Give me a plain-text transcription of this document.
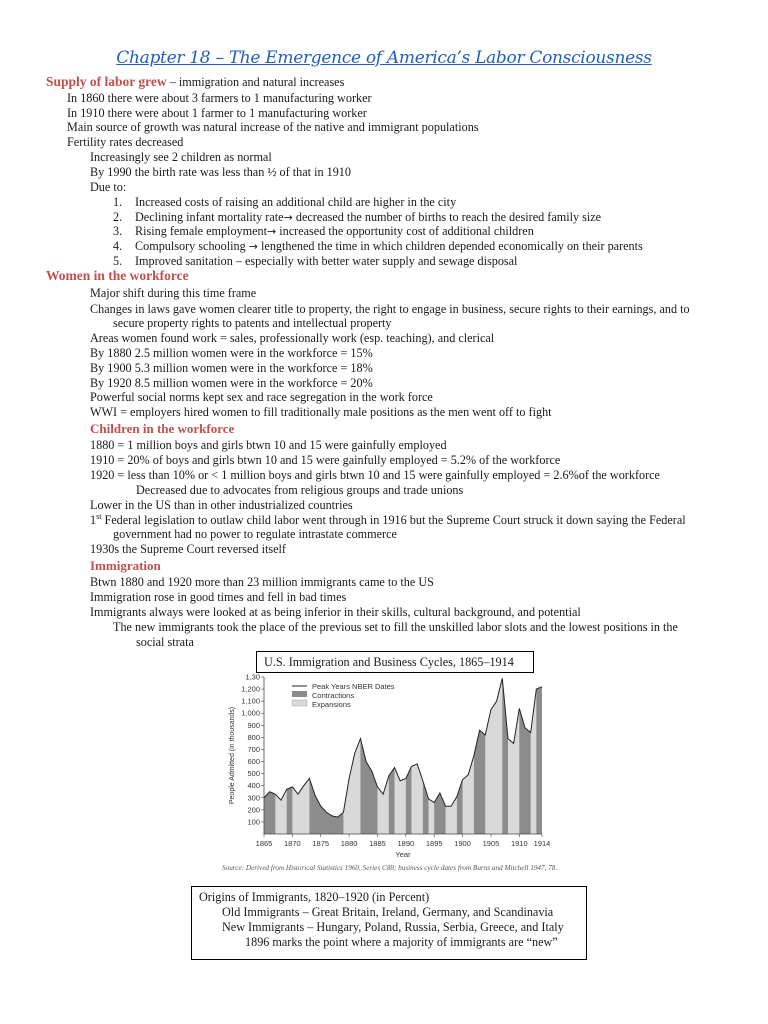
Chapter 18 – The Emergence of America’s Labor Consciousness
Supply of labor grew – immigration and natural increases
In 1860 there were about 3 farmers to 1 manufacturing worker
In 1910 there were about 1 farmer to 1 manufacturing worker
Main source of growth was natural increase of the native and immigrant populations
Fertility rates decreased
Increasingly see 2 children as normal
By 1990 the birth rate was less than ½ of that in 1910
Due to:
1. Increased costs of raising an additional child are higher in the city
2. Declining infant mortality rate→ decreased the number of births to reach the desired family size
3. Rising female employment→ increased the opportunity cost of additional children
4. Compulsory schooling → lengthened the time in which children depended economically on their parents
5. Improved sanitation – especially with better water supply and sewage disposal
Women in the workforce
Major shift during this time frame
Changes in laws gave women clearer title to property, the right to engage in business, secure rights to their earnings, and to
secure property rights to patents and intellectual property
Areas women found work = sales, professionally work (esp. teaching), and clerical
By 1880 2.5 million women were in the workforce = 15%
By 1900 5.3 million women were in the workforce = 18%
By 1920 8.5 million women were in the workforce = 20%
Powerful social norms kept sex and race segregation in the work force
WWI = employers hired women to fill traditionally male positions as the men went off to fight
Children in the workforce
1880 = 1 million boys and girls btwn 10 and 15 were gainfully employed
1910 = 20% of boys and girls btwn 10 and 15 were gainfully employed = 5.2% of the workforce
1920 = less than 10% or < 1 million boys and girls btwn 10 and 15 were gainfully employed = 2.6%of the workforce
Decreased due to advocates from religious groups and trade unions
Lower in the US than in other industrialized countries
1st Federal legislation to outlaw child labor went through in 1916 but the Supreme Court struck it down saying the Federal
government had no power to regulate intrastate commerce
1930s the Supreme Court reversed itself
Immigration
Btwn 1880 and 1920 more than 23 million immigrants came to the US
Immigration rose in good times and fell in bad times
Immigrants always were looked at as being inferior in their skills, cultural background, and potential
The new immigrants took the place of the previous set to fill the unskilled labor slots and the lowest positions in the
social strata
U.S. Immigration and Business Cycles, 1865–1914
100
200
300
400
500
600
700
800
900
1,000
1,100
1,200
1,30
1865 1870 1875 1880 1885 1890 1895 1900 1905 1910 1914
Year
People Admitted (in thousands)
Peak Years NBER Dates
Contractions
Expansions
Source: Derived from Historical Statistics 1960, Series C88; business cycle dates from Burns and Mitchell 1947, 78.
Origins of Immigrants, 1820–1920 (in Percent)
Old Immigrants – Great Britain, Ireland, Germany, and Scandinavia
New Immigrants – Hungary, Poland, Russia, Serbia, Greece, and Italy
1896 marks the point where a majority of immigrants are “new”
